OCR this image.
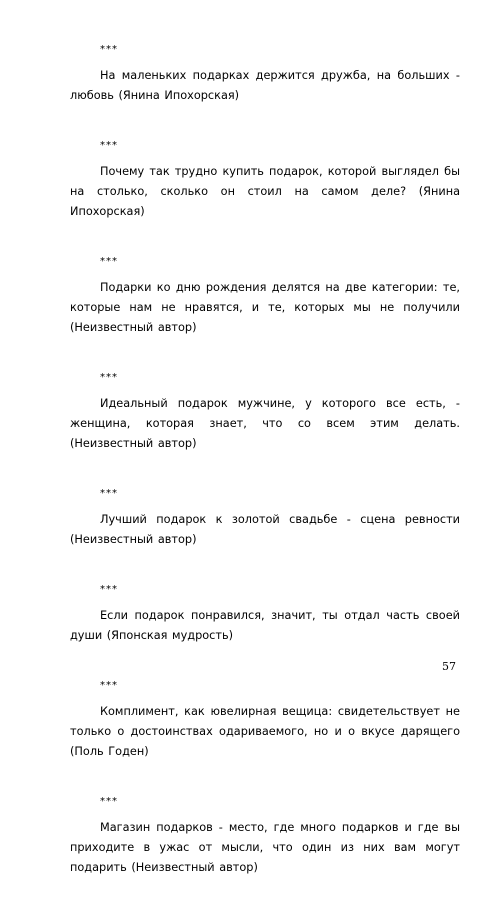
***

На маленьких подарках держится дружба, на больших - любовь (Янина Ипохорская)

***

Почему так трудно купить подарок, которой выглядел бы на столько, сколько он стоил на самом деле? (Янина Ипохорская)

***

Подарки ко дню рождения делятся на две категории: те, которые нам не нравятся, и те, которых мы не получили (Неизвестный автор)

***

Идеальный подарок мужчине, у которого все есть, - женщина, которая знает, что со всем этим делать. (Неизвестный автор)

***

Лучший подарок к золотой свадьбе - сцена ревности (Неизвестный автор)

***

Если подарок понравился, значит, ты отдал часть своей души (Японская мудрость)

***

Комплимент, как ювелирная вещица: свидетельствует не только о достоинствах одариваемого, но и о вкусе дарящего (Поль Годен)

***

Магазин подарков - место, где много подарков и где вы приходите в ужас от мысли, что один из них вам могут подарить (Неизвестный автор)

57
